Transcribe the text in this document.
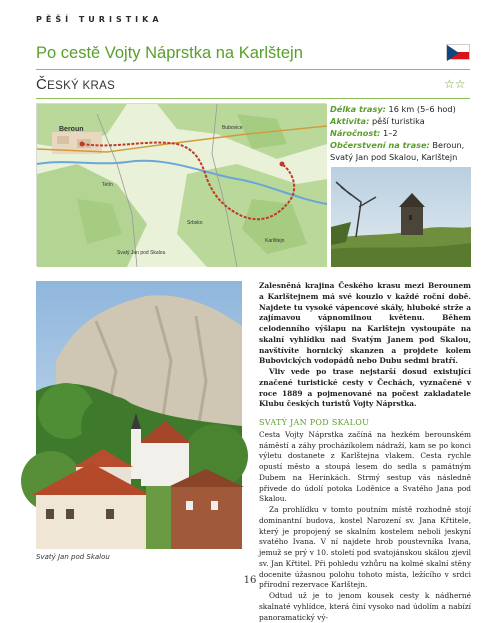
PĚŠÍ TURISTIKA
Po cestě Vojty Náprstka na Karlštejn
ČESKÝ KRAS	☆☆
Beroun	Bubovice
Karlštejn
Tetín
Srbsko
Svatý Jan pod Skalou
Délka trasy: 16 km (5–6 hod)
Aktivita: pěší turistika
Náročnost: 1–2
Občerstvení na trase: Beroun, Svatý Jan pod Skalou, Karlštejn
Svatý Jan pod Skalou

Zalesněná krajina Českého krasu mezi Berounem a Karlštejnem má své kouzlo v každé roční době. Najdete tu vysoké vápencové skály, hluboké strže a zajímavou vápnomilnou květenu. Během celodenního výšlapu na Karlštejn vystoupáte na skalní vyhlídku nad Svatým Janem pod Skalou, navštívíte hornický skanzen a projdete kolem Bubovických vodopádů nebo Dubu sedmi bratří.

Vliv vede po trase nejstarší dosud existující značené turistické cesty v Čechách, vyznačené v roce 1889 a pojmenované na počest zakladatele Klubu českých turistů Vojty Náprstka.

SVATÝ JAN POD SKALOU

Cesta Vojty Náprstka začíná na hezkém berounském náměstí a záhy procházíkolem nádraží, kam se po konci výletu dostanete z Karlštejna vlakem. Cesta rychle opustí město a stoupá lesem do sedla s památným Dubem na Herinkách. Strmý sestup vás následně přivede do údolí potoka Loděnice a Svatého Jana pod Skalou.

Za prohlídku v tomto poutním místě rozhodně stojí dominantní budova, kostel Narození sv. Jana Křtitele, který je propojený se skalním kostelem neboli jeskyní svatého Ivana. V ní najdete hrob poustevníka Ivana, jemuž se prý v 10. století pod svatojánskou skálou zjevil sv. Jan Křtitel. Při pohledu vzhůru na kolmé skalní stěny docenite úžasnou polohu tohoto místa, ležícího v srdci přírodní rezervace Karlštejn.

Odtud už je to jenom kousek cesty k nádherné skalnaté vyhlídce, která činí vysoko nad údolím a nabízí panoramatický vý-

16
